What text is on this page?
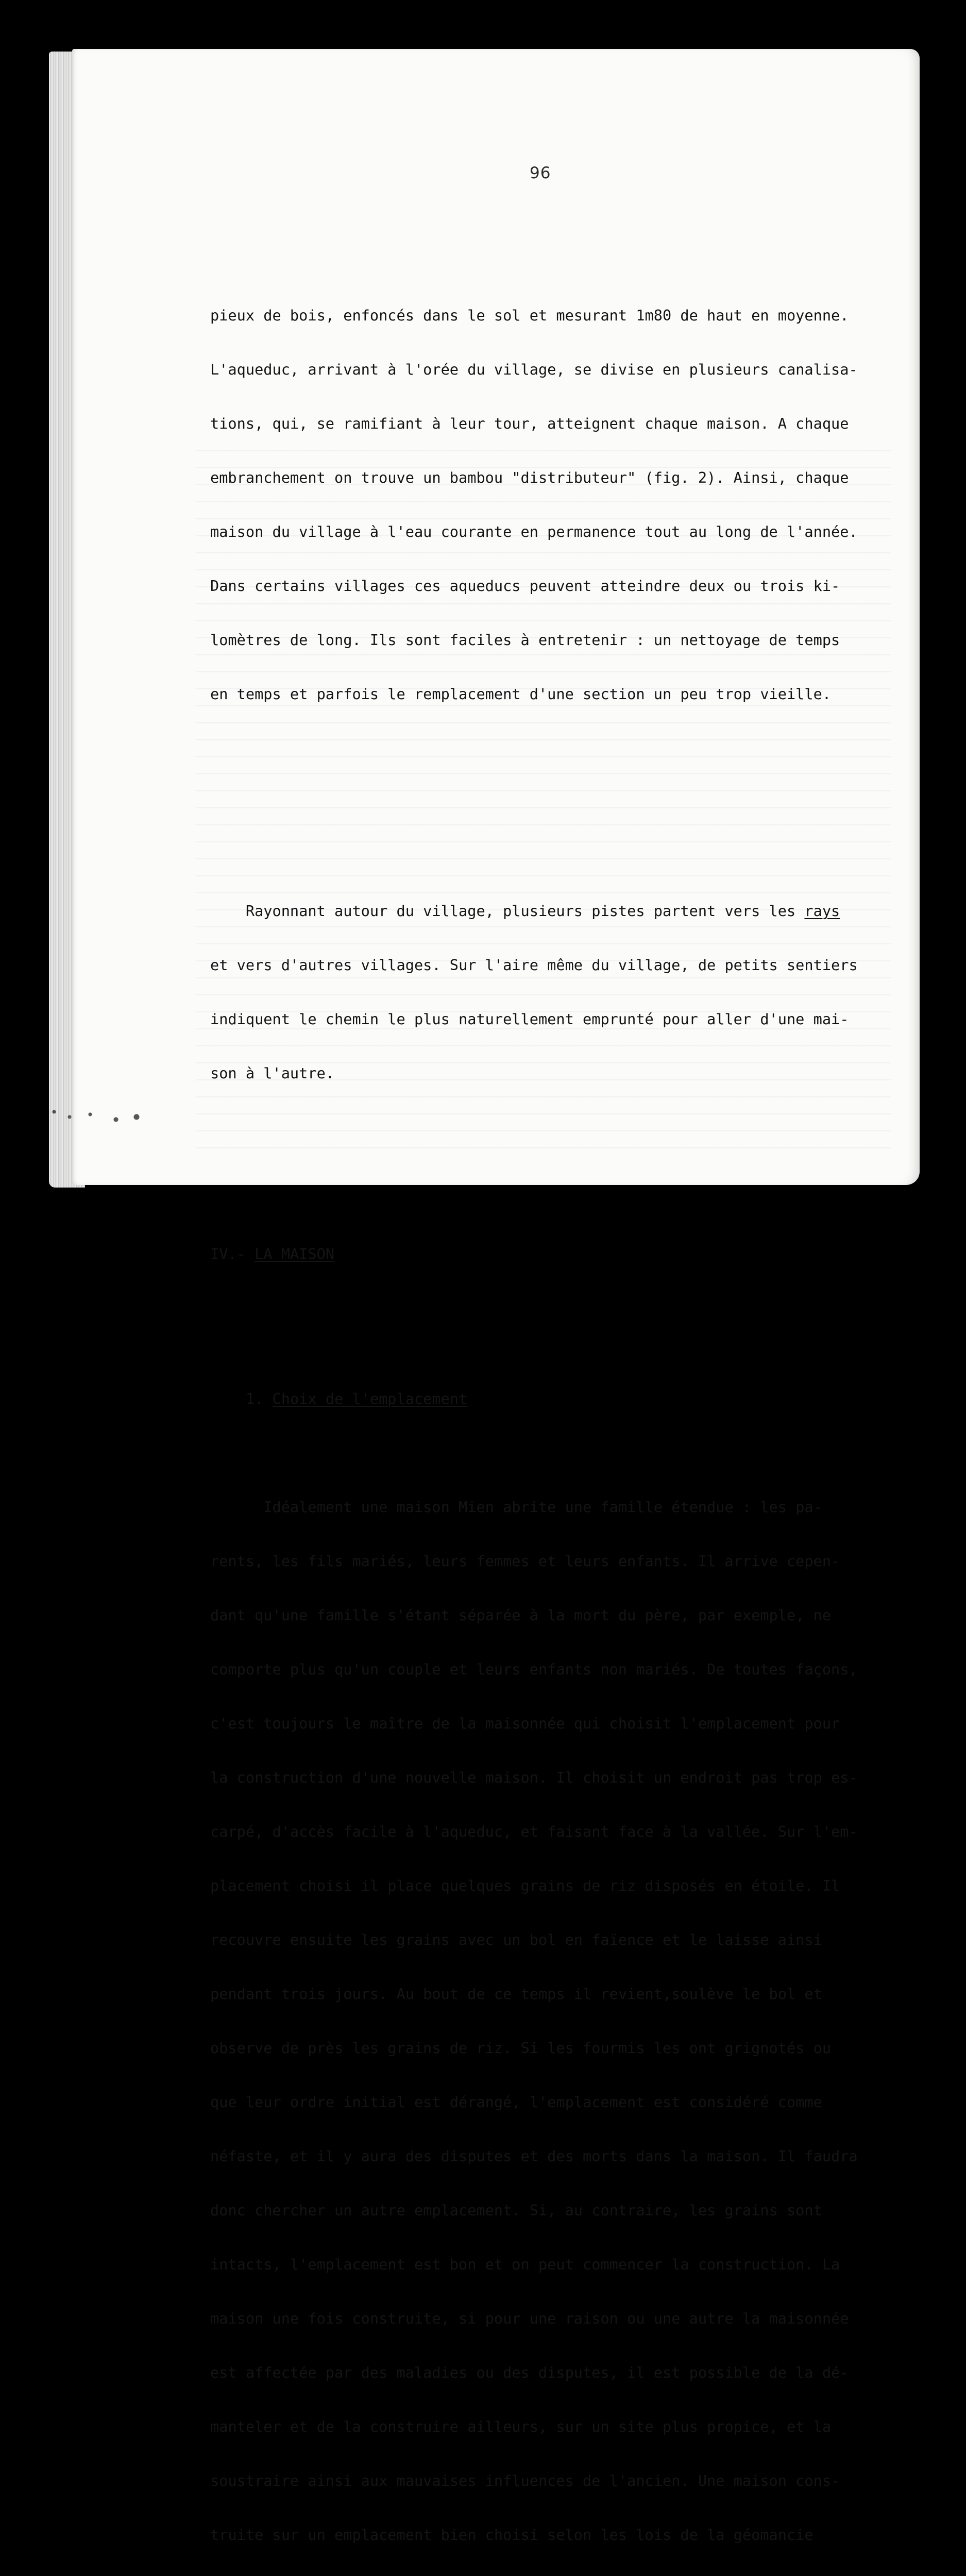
96

pieux de bois, enfoncés dans le sol et mesurant 1m80 de haut en moyenne.

L'aqueduc, arrivant à l'orée du village, se divise en plusieurs canalisa-

tions, qui, se ramifiant à leur tour, atteignent chaque maison. A chaque

embranchement on trouve un bambou "distributeur" (fig. 2). Ainsi, chaque

maison du village à l'eau courante en permanence tout au long de l'année.

Dans certains villages ces aqueducs peuvent atteindre deux ou trois ki-

lomètres de long. Ils sont faciles à entretenir : un nettoyage de temps

en temps et parfois le remplacement d'une section un peu trop vieille.

Rayonnant autour du village, plusieurs pistes partent vers les rays

et vers d'autres villages. Sur l'aire même du village, de petits sentiers

indiquent le chemin le plus naturellement emprunté pour aller d'une mai-

son à l'autre.

IV.- LA MAISON

1. Choix de l'emplacement

Idéalement une maison Mien abrite une famille étendue : les pa-

rents, les fils mariés, leurs femmes et leurs enfants. Il arrive cepen-

dant qu'une famille s'étant séparée à la mort du père, par exemple, ne

comporte plus qu'un couple et leurs enfants non mariés. De toutes façons,

c'est toujours le maître de la maisonnée qui choisit l'emplacement pour

la construction d'une nouvelle maison. Il choisit un endroit pas trop es-

carpé, d'accès facile à l'aqueduc, et faisant face à la vallée. Sur l'em-

placement choisi il place quelques grains de riz disposés en étoile. Il

recouvre ensuite les grains avec un bol en faïence et le laisse ainsi

pendant trois jours. Au bout de ce temps il revient,soulève le bol et

observe de près les grains de riz. Si les fourmis les ont grignotés ou

que leur ordre initial est dérangé, l'emplacement est considéré comme

néfaste, et il y aura des disputes et des morts dans la maison. Il faudra

donc chercher un autre emplacement. Si, au contraire, les grains sont

intacts, l'emplacement est bon et on peut commencer la construction. La

maison une fois construite, si pour une raison ou une autre la maisonnée

est affectée par des maladies ou des disputes, il est possible de la dé-

manteler et de la construire ailleurs, sur un site plus propice, et la

soustraire ainsi aux mauvaises influences de l'ancien. Une maison cons-

truite sur un emplacement bien choisi selon les lois de la géomancie
